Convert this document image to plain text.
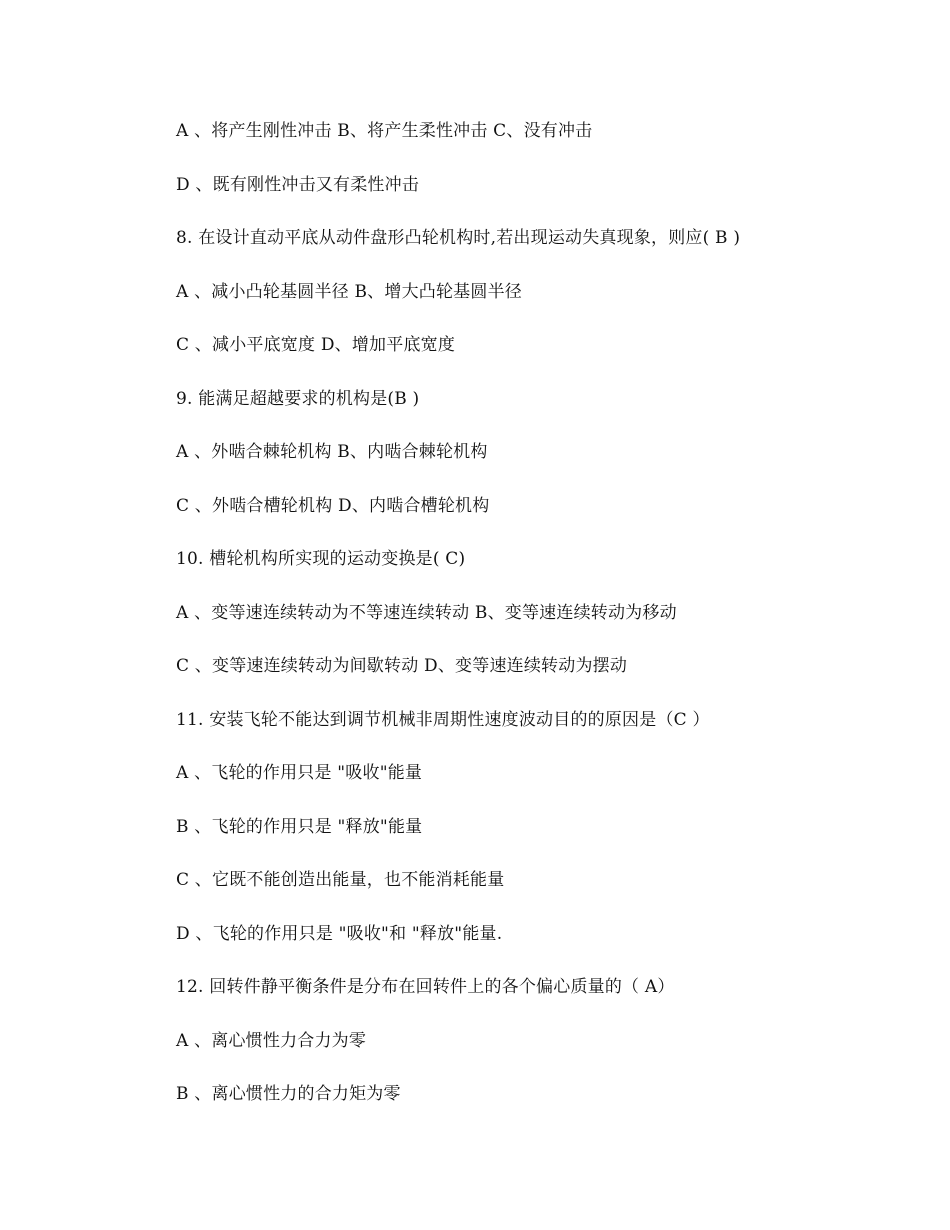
A 、将产生刚性冲击 B、将产生柔性冲击 C、没有冲击
D 、既有刚性冲击又有柔性冲击
8. 在设计直动平底从动件盘形凸轮机构时,若出现运动失真现象，则应( B )
A 、减小凸轮基圆半径 B、增大凸轮基圆半径
C 、减小平底宽度 D、增加平底宽度
9. 能满足超越要求的机构是(B )
A 、外啮合棘轮机构 B、内啮合棘轮机构
C 、外啮合槽轮机构 D、内啮合槽轮机构
10. 槽轮机构所实现的运动变换是( C)
A 、变等速连续转动为不等速连续转动 B、变等速连续转动为移动
C 、变等速连续转动为间歇转动 D、变等速连续转动为摆动
11. 安装飞轮不能达到调节机械非周期性速度波动目的的原因是（C ）
A 、飞轮的作用只是 "吸收"能量
B 、飞轮的作用只是 "释放"能量
C 、它既不能创造出能量，也不能消耗能量
D 、飞轮的作用只是 "吸收"和 "释放"能量.
12. 回转件静平衡条件是分布在回转件上的各个偏心质量的（ A）
A 、离心惯性力合力为零
B 、离心惯性力的合力矩为零
